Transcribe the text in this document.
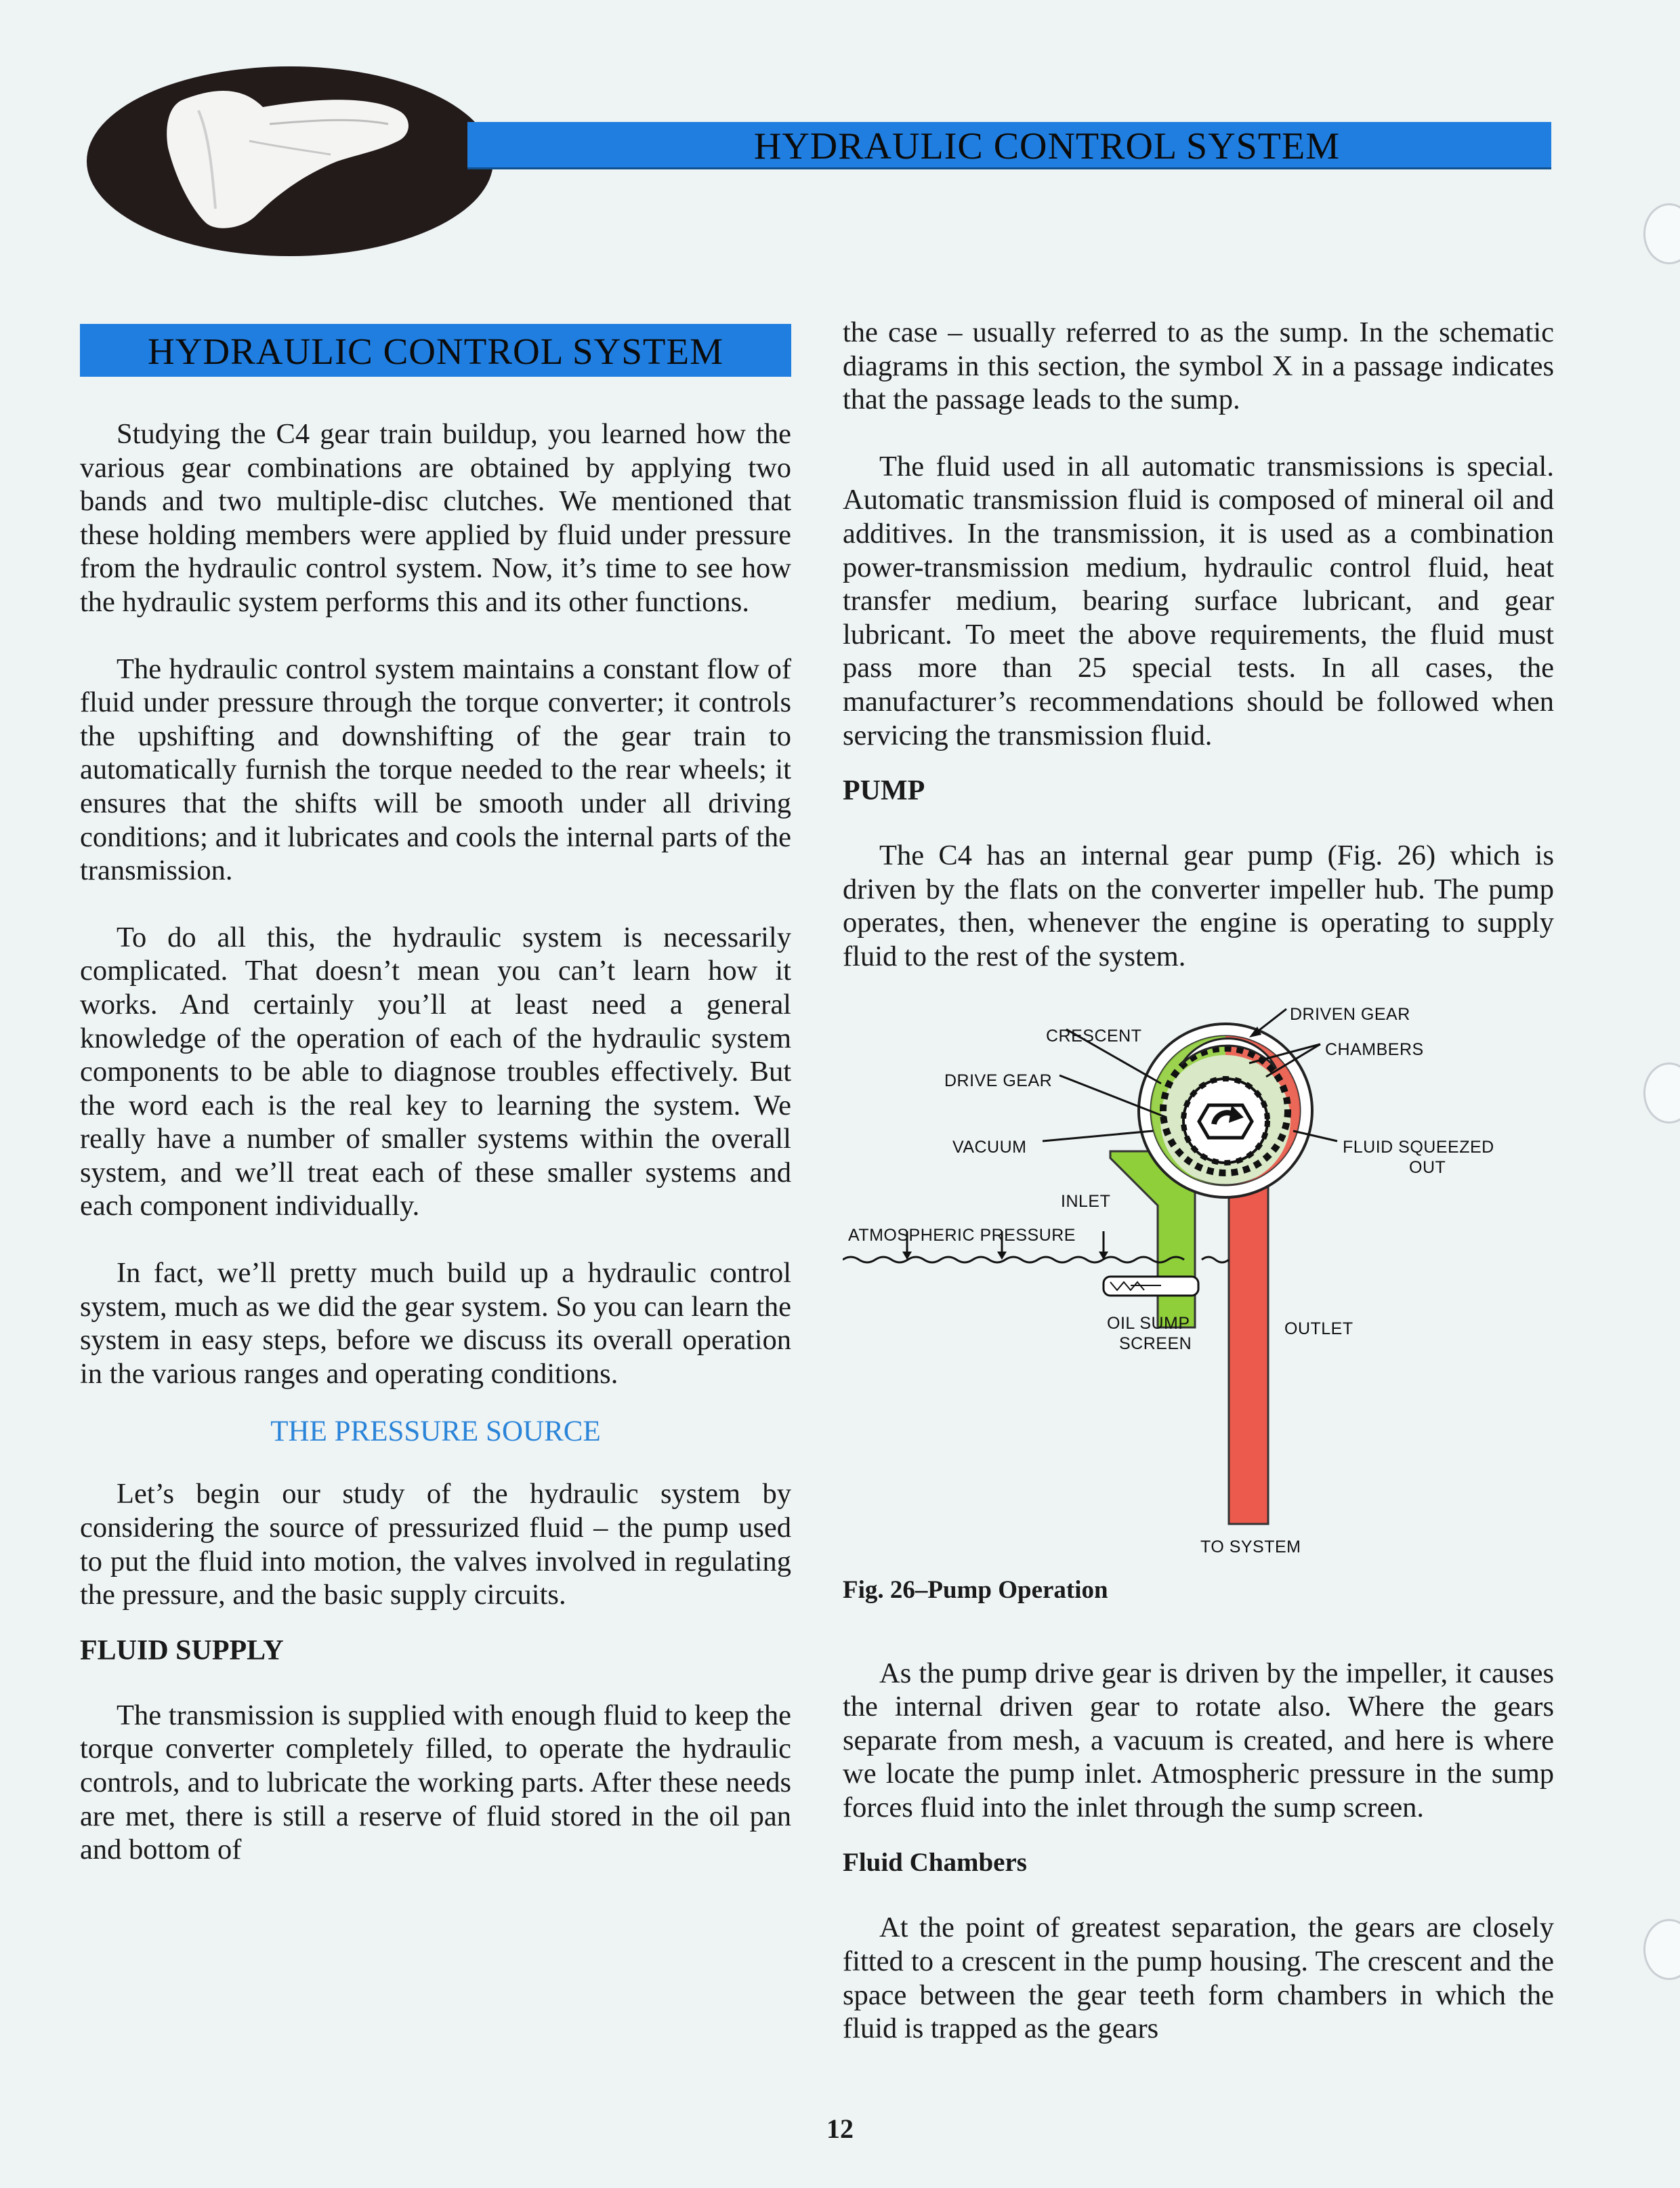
HYDRAULIC CONTROL SYSTEM
HYDRAULIC CONTROL SYSTEM

Studying the C4 gear train buildup, you learned how the various gear combinations are obtained by applying two bands and two multiple-disc clutches. We mentioned that these holding members were applied by fluid under pressure from the hydraulic control system. Now, it’s time to see how the hydraulic system performs this and its other functions.

The hydraulic control system maintains a constant flow of fluid under pressure through the torque converter; it controls the upshifting and downshifting of the gear train to automatically furnish the torque needed to the rear wheels; it ensures that the shifts will be smooth under all driving conditions; and it lubricates and cools the internal parts of the transmission.

To do all this, the hydraulic system is necessarily complicated. That doesn’t mean you can’t learn how it works. And certainly you’ll at least need a general knowledge of the operation of each of the hydraulic system components to be able to diagnose troubles effectively. But the word each is the real key to learning the system. We really have a number of smaller systems within the overall system, and we’ll treat each of these smaller systems and each component individually.

In fact, we’ll pretty much build up a hydraulic control system, much as we did the gear system. So you can learn the system in easy steps, before we discuss its overall operation in the various ranges and operating conditions.

THE PRESSURE SOURCE

Let’s begin our study of the hydraulic system by considering the source of pressurized fluid – the pump used to put the fluid into motion, the valves involved in regulating the pressure, and the basic supply circuits.

FLUID SUPPLY

The transmission is supplied with enough fluid to keep the torque converter completely filled, to operate the hydraulic controls, and to lubricate the working parts. After these needs are met, there is still a reserve of fluid stored in the oil pan and bottom of

the case – usually referred to as the sump. In the schematic diagrams in this section, the symbol X in a passage indicates that the passage leads to the sump.

The fluid used in all automatic transmissions is special. Automatic transmission fluid is composed of mineral oil and additives. In the transmission, it is used as a combination power-transmission medium, hydraulic control fluid, heat transfer medium, bearing surface lubricant, and gear lubricant. To meet the above requirements, the fluid must pass more than 25 special tests. In all cases, the manufacturer’s recommendations should be followed when servicing the transmission fluid.

PUMP

The C4 has an internal gear pump (Fig. 26) which is driven by the flats on the converter impeller hub. The pump operates, then, whenever the engine is operating to supply fluid to the rest of the system.

CRESCENT
DRIVEN GEAR
CHAMBERS
DRIVE GEAR
VACUUM	FLUID SQUEEZED
OUT
INLET
ATMOSPHERIC PRESSURE
OUTLET
OIL SUMP
SCREEN
TO SYSTEM

Fig. 26–Pump Operation

As the pump drive gear is driven by the impeller, it causes the internal driven gear to rotate also. Where the gears separate from mesh, a vacuum is created, and here is where we locate the pump inlet. Atmospheric pressure in the sump forces fluid into the inlet through the sump screen.

Fluid Chambers

At the point of greatest separation, the gears are closely fitted to a crescent in the pump housing. The crescent and the space between the gear teeth form chambers in which the fluid is trapped as the gears

12
